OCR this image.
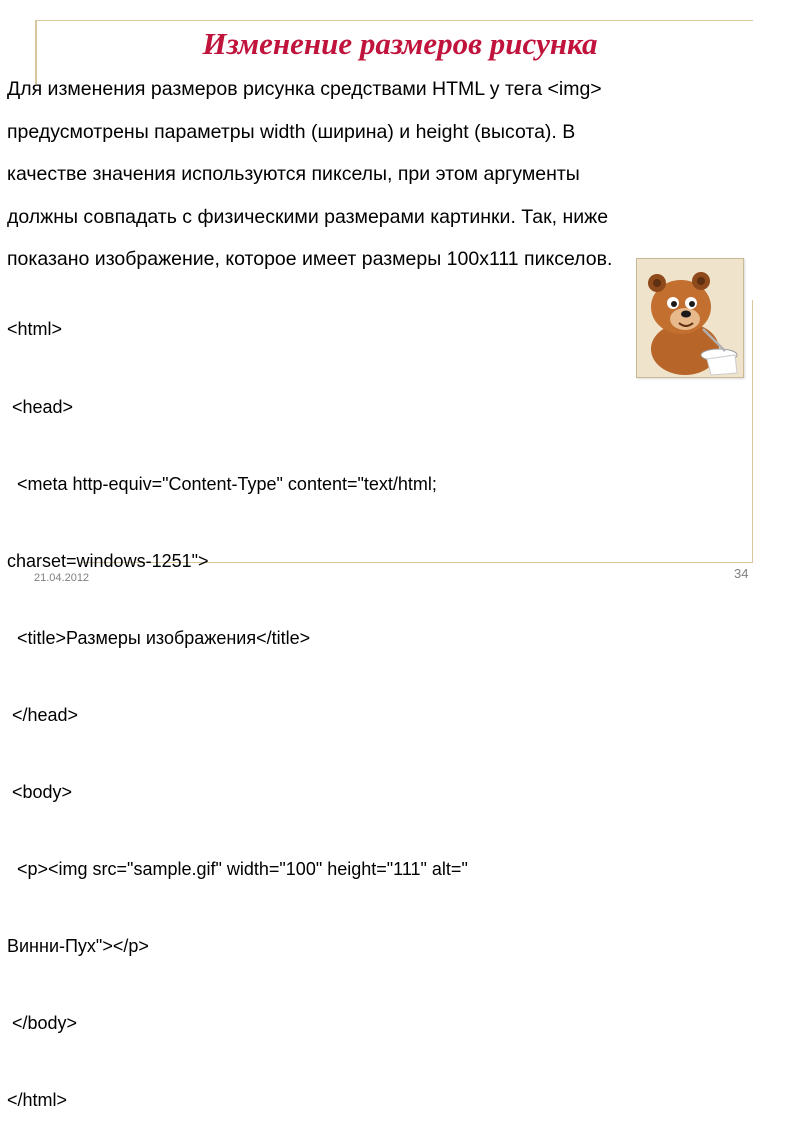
Изменение размеров рисунка
Для изменения размеров рисунка средствами HTML у тега <img>
предусмотрены параметры width (ширина) и height (высота). В
качестве значения используются пикселы, при этом аргументы
должны совпадать с физическими размерами картинки. Так, ниже
показано изображение, которое имеет размеры 100x111 пикселов.

<html>

<head>

<meta http-equiv="Content-Type" content="text/html;

charset=windows-1251">

<title>Размеры изображения</title>

</head>

<body>

<p><img src="sample.gif" width="100" height="111" alt="

Винни-Пух"></p>

</body>

</html>

21.04.2012	34
